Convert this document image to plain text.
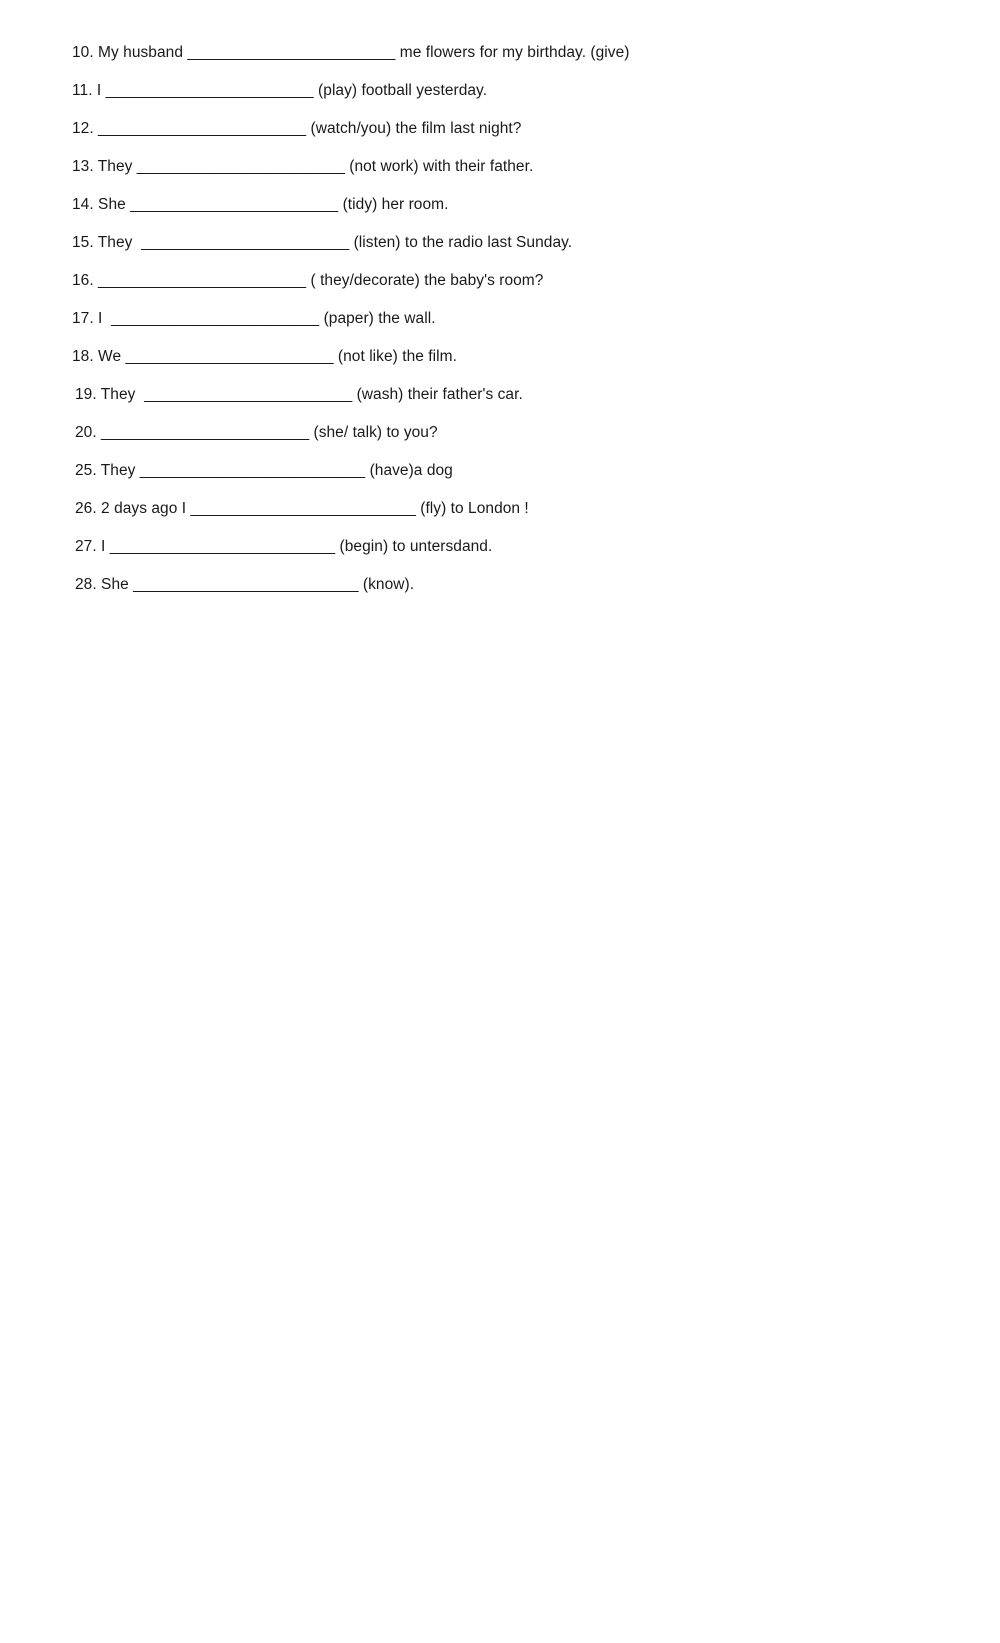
10. My husband ________________________ me flowers for my birthday. (give)
11. I ________________________ (play) football yesterday.
12. ________________________ (watch/you) the film last night?
13. They ________________________ (not work) with their father.
14. She ________________________ (tidy) her room.
15. They  ________________________ (listen) to the radio last Sunday.
16. ________________________ ( they/decorate) the baby's room?
17. I  ________________________ (paper) the wall.
18. We ________________________ (not like) the film.
19. They  ________________________ (wash) their father's car.
20. ________________________ (she/ talk) to you?
25. They __________________________ (have)a dog
26. 2 days ago I __________________________ (fly) to London !
27. I __________________________ (begin) to untersdand.
28. She __________________________ (know).
